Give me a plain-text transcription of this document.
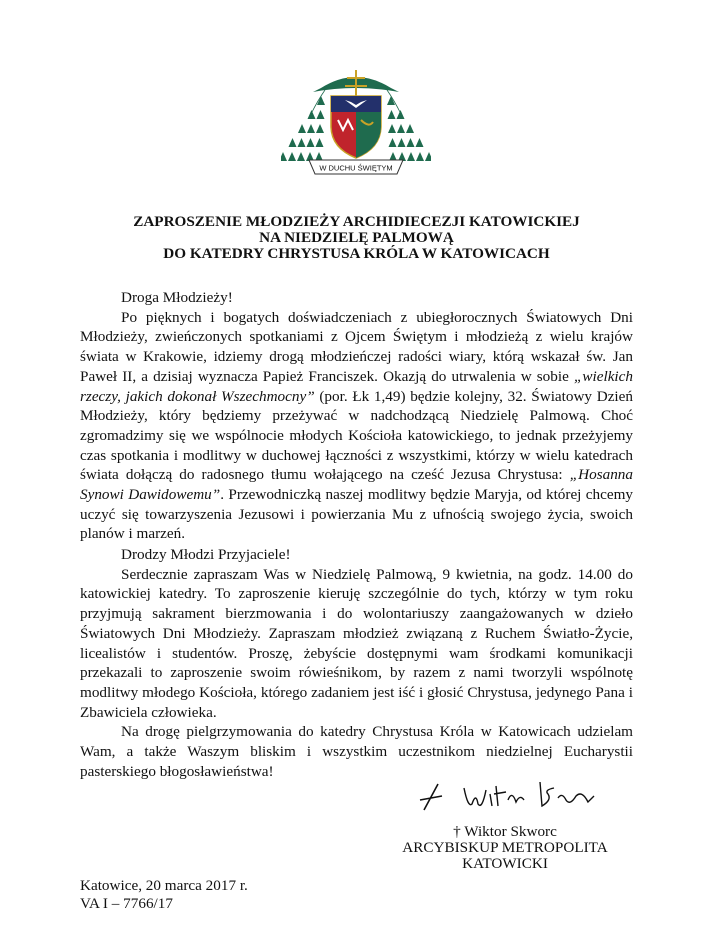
W DUCHU ŚWIĘTYM
ZAPROSZENIE MŁODZIEŻY ARCHIDIECEZJI KATOWICKIEJ
NA NIEDZIELĘ PALMOWĄ
DO KATEDRY CHRYSTUSA KRÓLA W KATOWICACH

Droga Młodzieży!

Po pięknych i bogatych doświadczeniach z ubiegłorocznych Światowych Dni Młodzieży, zwieńczonych spotkaniami z Ojcem Świętym i młodzieżą z wielu krajów świata w Krakowie, idziemy drogą młodzieńczej radości wiary, którą wskazał św. Jan Paweł II, a dzisiaj wyznacza Papież Franciszek. Okazją do utrwalenia w sobie „wielkich rzeczy, jakich dokonał Wszechmocny” (por. Łk 1,49) będzie kolejny, 32. Światowy Dzień Młodzieży, który będziemy przeżywać w nadchodzącą Niedzielę Palmową. Choć zgromadzimy się we wspólnocie młodych Kościoła katowickiego, to jednak przeżyjemy czas spotkania i modlitwy w duchowej łączności z wszystkimi, którzy w wielu katedrach świata dołączą do radosnego tłumu wołającego na cześć Jezusa Chrystusa: „Hosanna Synowi Dawidowemu”. Przewodniczką naszej modlitwy będzie Maryja, od której chcemy uczyć się towarzyszenia Jezusowi i powierzania Mu z ufnością swojego życia, swoich planów i marzeń.

Drodzy Młodzi Przyjaciele!

Serdecznie zapraszam Was w Niedzielę Palmową, 9 kwietnia, na godz. 14.00 do katowickiej katedry. To zaproszenie kieruję szczególnie do tych, którzy w tym roku przyjmują sakrament bierzmowania i do wolontariuszy zaangażowanych w dzieło Światowych Dni Młodzieży. Zapraszam młodzież związaną z Ruchem Światło-Życie, licealistów i studentów. Proszę, żebyście dostępnymi wam środkami komunikacji przekazali to zaproszenie swoim rówieśnikom, by razem z nami tworzyli wspólnotę modlitwy młodego Kościoła, którego zadaniem jest iść i głosić Chrystusa, jedynego Pana i Zbawiciela człowieka.

Na drogę pielgrzymowania do katedry Chrystusa Króla w Katowicach udzielam Wam, a także Waszym bliskim i wszystkim uczestnikom niedzielnej Eucharystii pasterskiego błogosławieństwa!

† Wiktor Skworc
ARCYBISKUP METROPOLITA
KATOWICKI
Katowice, 20 marca 2017 r.
VA I – 7766/17
